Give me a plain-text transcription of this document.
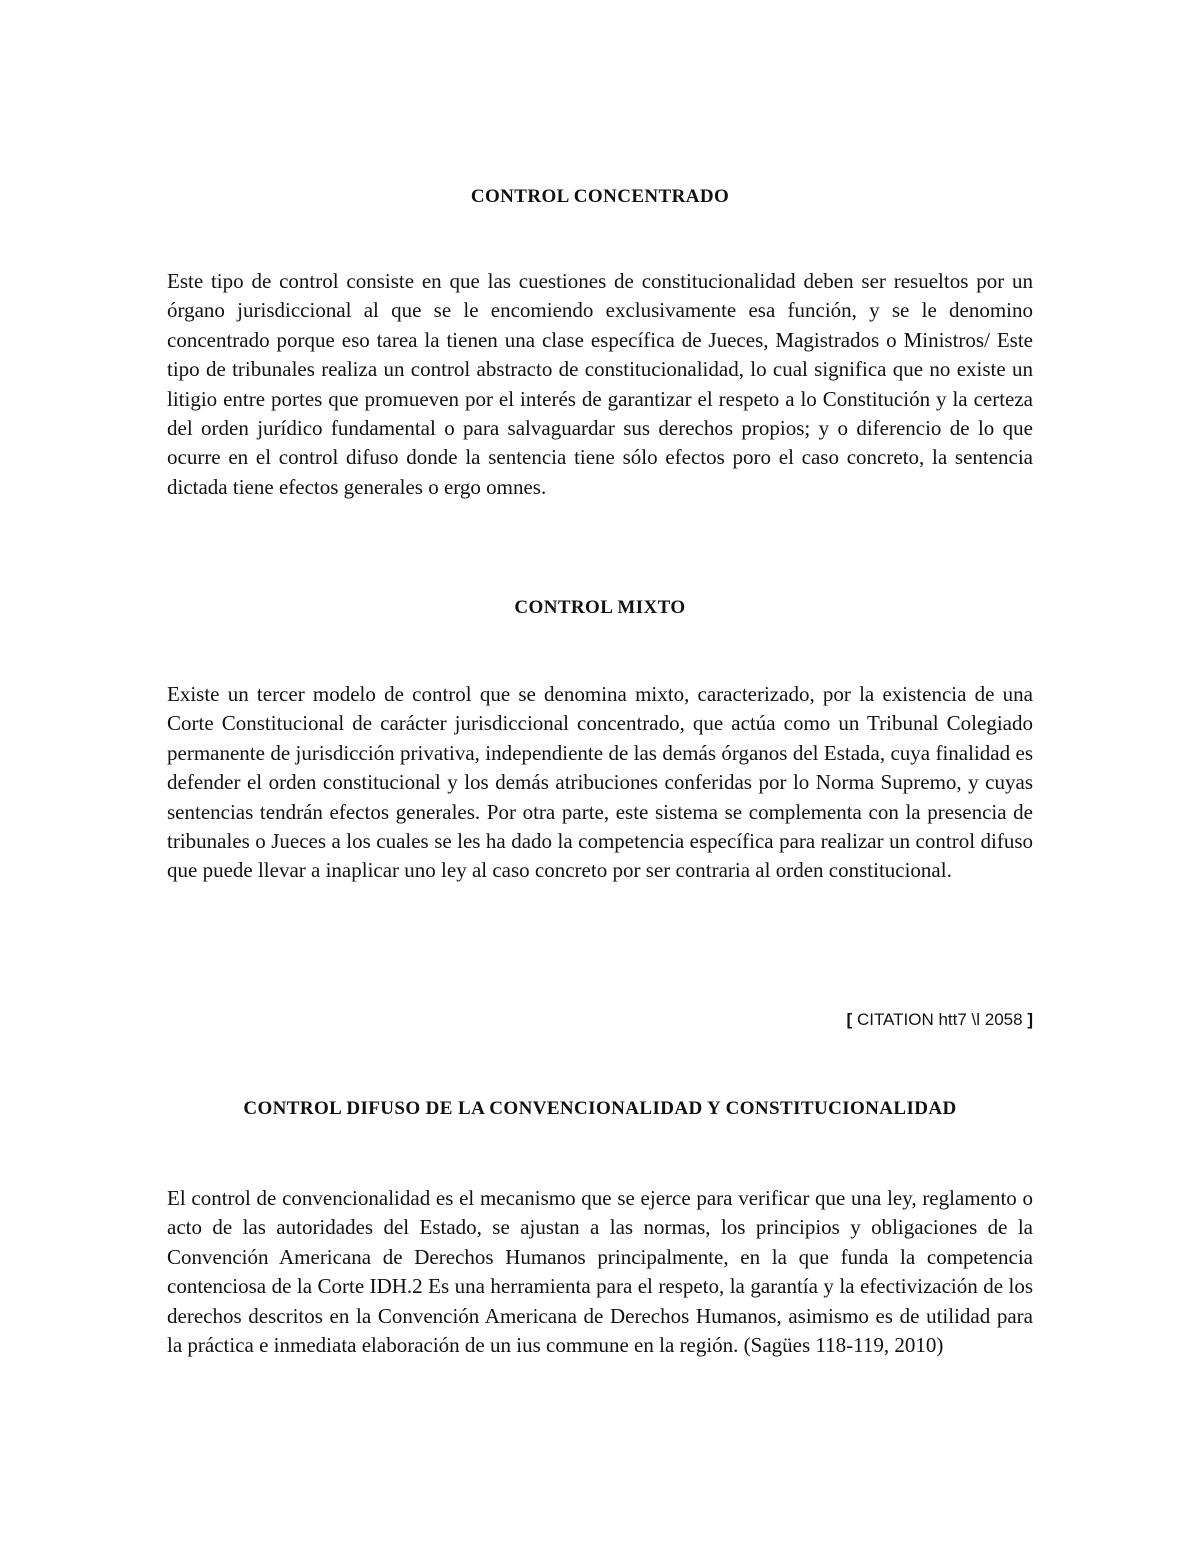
CONTROL CONCENTRADO

Este tipo de control consiste en que las cuestiones de constitucionalidad deben ser resueltos por un órgano jurisdiccional al que se le encomiendo exclusivamente esa función, y se le denomino concentrado porque eso tarea la tienen una clase específica de Jueces, Magistrados o Ministros/ Este tipo de tribunales realiza un control abstracto de constitucionalidad, lo cual significa que no existe un litigio entre portes que promueven por el interés de garantizar el respeto a lo Constitución y la certeza del orden jurídico fundamental o para salvaguardar sus derechos propios; y o diferencio de lo que ocurre en el control difuso donde la sentencia tiene sólo efectos poro el caso concreto, la sentencia dictada tiene efectos generales o ergo omnes.

CONTROL MIXTO

Existe un tercer modelo de control que se denomina mixto, caracterizado, por la existencia de una Corte Constitucional de carácter jurisdiccional concentrado, que actúa como un Tribunal Colegiado permanente de jurisdicción privativa, independiente de las demás órganos del Estada, cuya finalidad es defender el orden constitucional y los demás atribuciones conferidas por lo Norma Supremo, y cuyas sentencias tendrán efectos generales. Por otra parte, este sistema se complementa con la presencia de tribunales o Jueces a los cuales se les ha dado la competencia específica para realizar un control difuso que puede llevar a inaplicar uno ley al caso concreto por ser contraria al orden constitucional.

[ CITATION htt7 \l 2058 ]

CONTROL DIFUSO DE LA CONVENCIONALIDAD Y CONSTITUCIONALIDAD

El control de convencionalidad es el mecanismo que se ejerce para verificar que una ley, reglamento o acto de las autoridades del Estado, se ajustan a las normas, los principios y obligaciones de la Convención Americana de Derechos Humanos principalmente, en la que funda la competencia contenciosa de la Corte IDH.2 Es una herramienta para el respeto, la garantía y la efectivización de los derechos descritos en la Convención Americana de Derechos Humanos, asimismo es de utilidad para la práctica e inmediata elaboración de un ius commune en la región. (Sagües 118-119, 2010)
